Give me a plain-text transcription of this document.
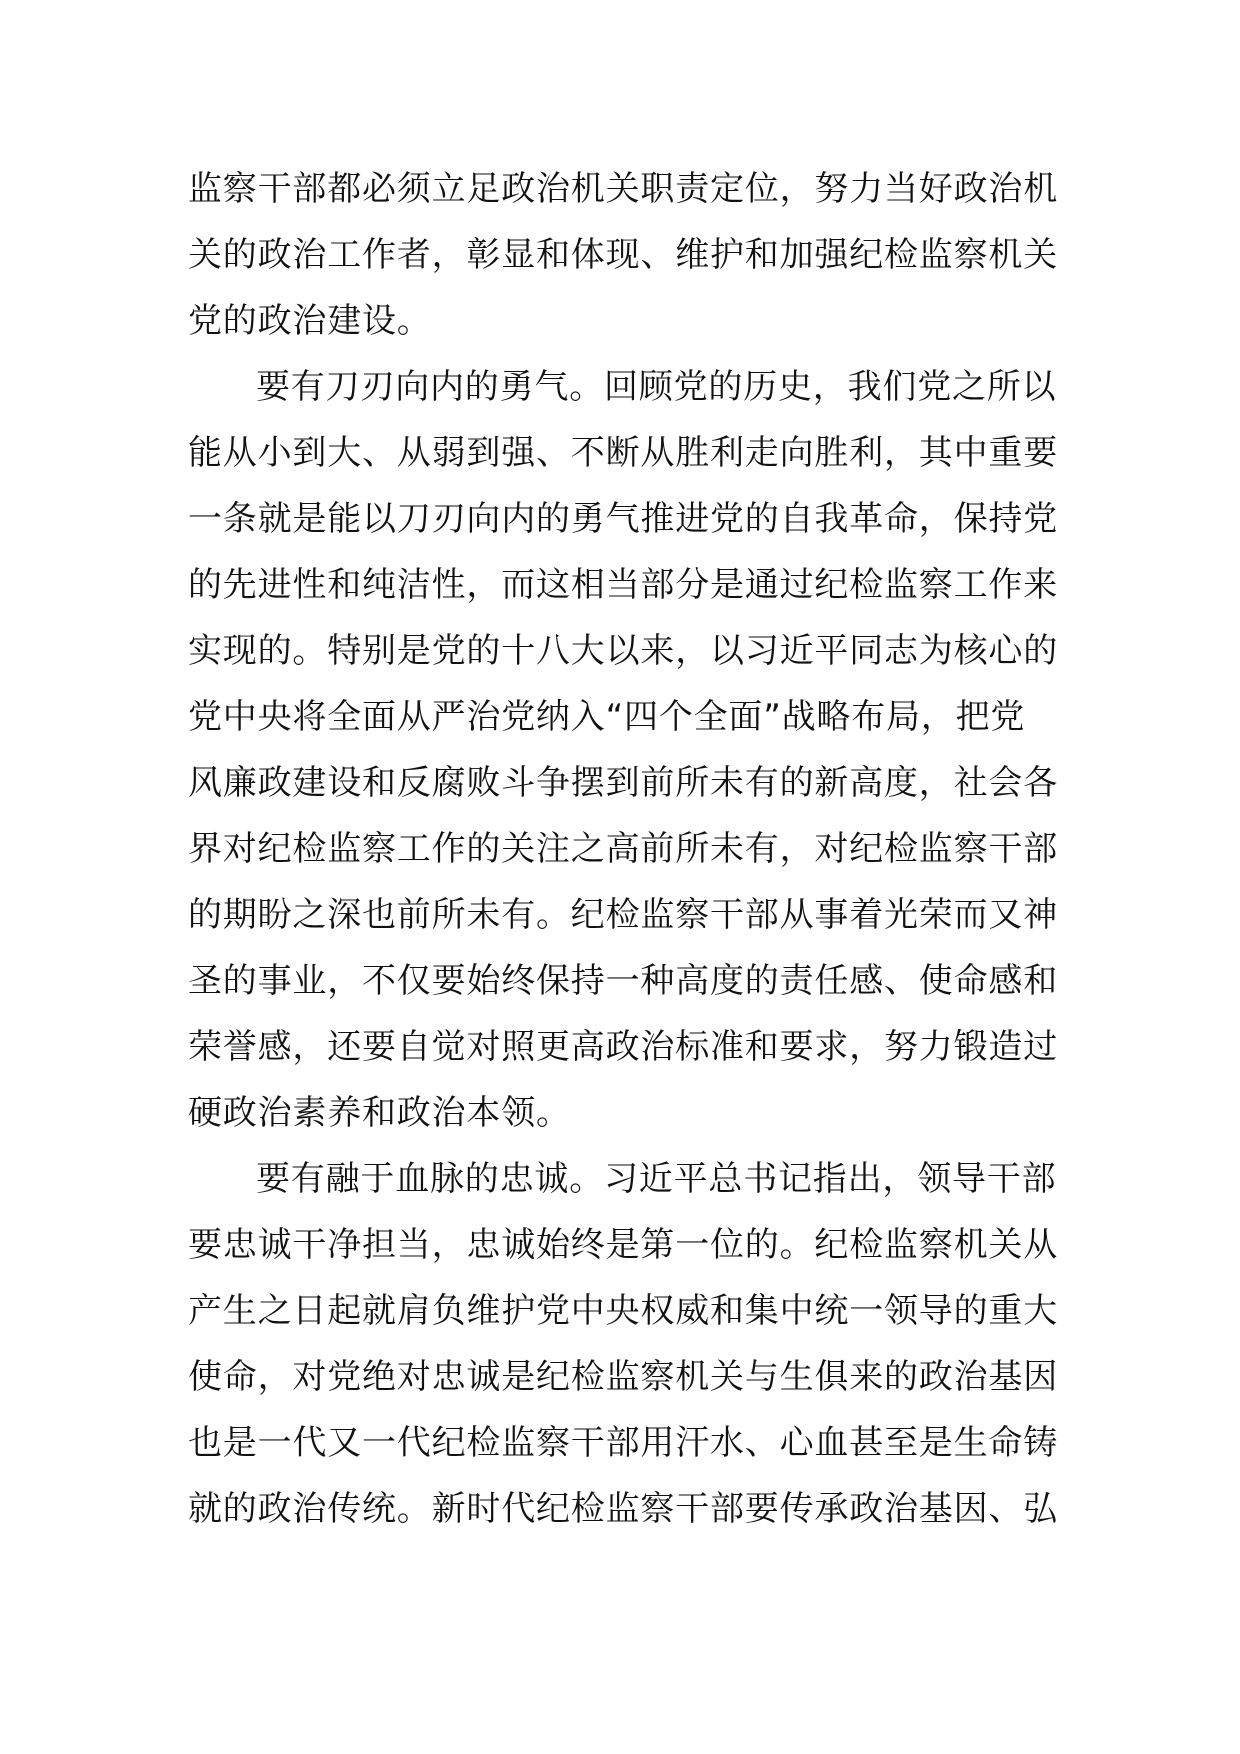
监察干部都必须立足政治机关职责定位，努力当好政治机
关的政治工作者，彰显和体现、维护和加强纪检监察机关
党的政治建设。
要有刀刃向内的勇气。回顾党的历史，我们党之所以
能从小到大、从弱到强、不断从胜利走向胜利，其中重要
一条就是能以刀刃向内的勇气推进党的自我革命，保持党
的先进性和纯洁性，而这相当部分是通过纪检监察工作来
实现的。特别是党的十八大以来，以习近平同志为核心的
党中央将全面从严治党纳入“四个全面”战略布局，把党
风廉政建设和反腐败斗争摆到前所未有的新高度，社会各
界对纪检监察工作的关注之高前所未有，对纪检监察干部
的期盼之深也前所未有。纪检监察干部从事着光荣而又神
圣的事业，不仅要始终保持一种高度的责任感、使命感和
荣誉感，还要自觉对照更高政治标准和要求，努力锻造过
硬政治素养和政治本领。
要有融于血脉的忠诚。习近平总书记指出，领导干部
要忠诚干净担当，忠诚始终是第一位的。纪检监察机关从
产生之日起就肩负维护党中央权威和集中统一领导的重大
使命，对党绝对忠诚是纪检监察机关与生俱来的政治基因
也是一代又一代纪检监察干部用汗水、心血甚至是生命铸
就的政治传统。新时代纪检监察干部要传承政治基因、弘
